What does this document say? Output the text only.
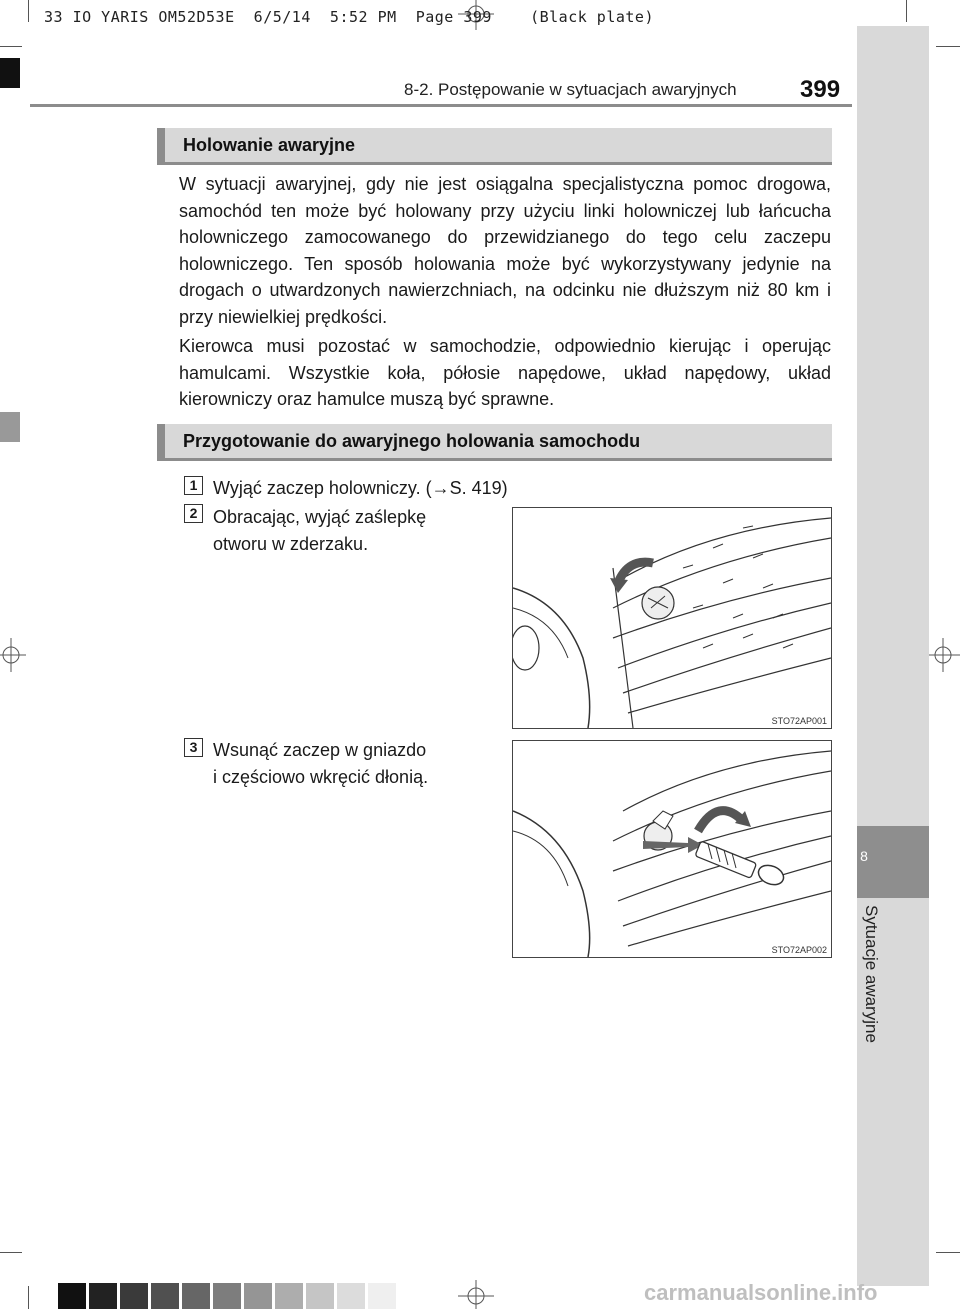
33 IO YARIS OM52D53E  6/5/14  5:52 PM  Page 399    (Black plate)
8
Sytuacje awaryjne
8-2. Postępowanie w sytuacjach awaryjnych	399
Holowanie awaryjne
W sytuacji awaryjnej, gdy nie jest osiągalna specjalistyczna pomoc drogowa, samochód ten może być holowany przy użyciu linki holowniczej lub łańcucha holowniczego zamocowanego do przewidzianego do tego celu zaczepu holowniczego. Ten sposób holowania może być wykorzystywany jedynie na drogach o utwardzonych nawierzchniach, na odcinku nie dłuższym niż 80 km i przy niewielkiej prędkości.
Kierowca musi pozostać w samochodzie, odpowiednio kierując i operując hamulcami. Wszystkie koła, półosie napędowe, układ napędowy, układ kierowniczy oraz hamulce muszą być sprawne.
Przygotowanie do awaryjnego holowania samochodu
1 Wyjąć zaczep holowniczy. (→S. 419)
2 Obracając, wyjąć zaślepkę
otworu w zderzaku.
3 Wsunąć zaczep w gniazdo
i częściowo wkręcić dłonią.
STO72AP001
STO72AP002
carmanualsonline.info
